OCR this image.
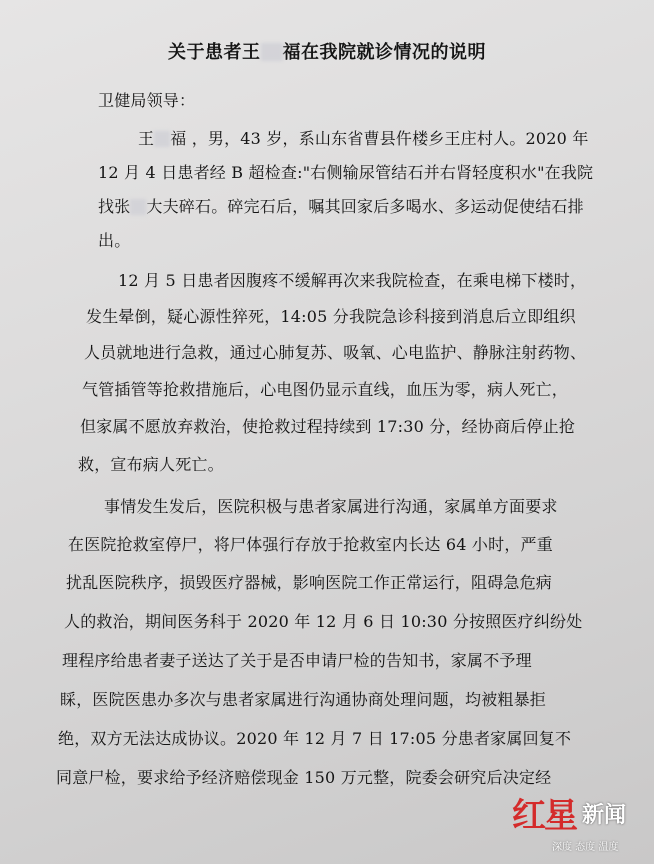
关于患者王 福在我院就诊情况的说明
卫健局领导：
王 福 ，男，43 岁，系山东省曹县仵楼乡王庄村人。2020 年
12 月 4 日患者经 B 超检查:"右侧输尿管结石并右肾轻度积水"在我院
找张 大夫碎石。碎完石后，嘱其回家后多喝水、多运动促使结石排
出。
12 月 5 日患者因腹疼不缓解再次来我院检查，在乘电梯下楼时，
发生晕倒，疑心源性猝死，14:05 分我院急诊科接到消息后立即组织
人员就地进行急救，通过心肺复苏、吸氧、心电监护、静脉注射药物、
气管插管等抢救措施后，心电图仍显示直线，血压为零，病人死亡，
但家属不愿放弃救治，使抢救过程持续到 17:30 分，经协商后停止抢
救，宣布病人死亡。
事情发生发后，医院积极与患者家属进行沟通，家属单方面要求
在医院抢救室停尸，将尸体强行存放于抢救室内长达 64 小时，严重
扰乱医院秩序，损毁医疗器械，影响医院工作正常运行，阻碍急危病
人的救治，期间医务科于 2020 年 12 月 6 日 10:30 分按照医疗纠纷处
理程序给患者妻子送达了关于是否申请尸检的告知书，家属不予理
睬，医院医患办多次与患者家属进行沟通协商处理问题，均被粗暴拒
绝，双方无法达成协议。2020 年 12 月 7 日 17:05 分患者家属回复不
同意尸检，要求给予经济赔偿现金 150 万元整，院委会研究后决定经
红星 新闻
深度 态度 温度
